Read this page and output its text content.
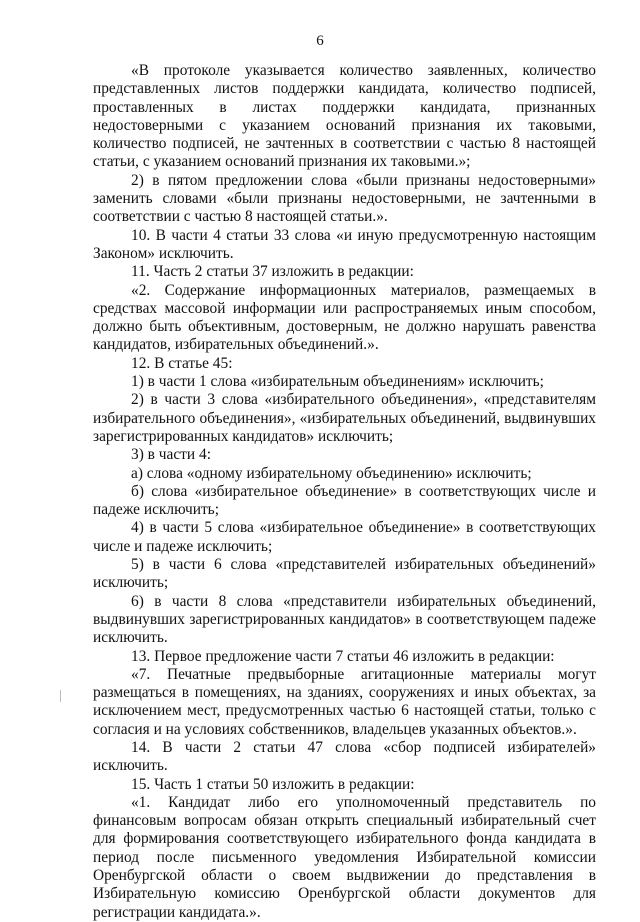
6

«В протоколе указывается количество заявленных, количество представленных листов поддержки кандидата, количество подписей, проставленных в листах поддержки кандидата, признанных недостоверными с указанием оснований признания их таковыми, количество подписей, не зачтенных в соответствии с частью 8 настоящей статьи, с указанием оснований признания их таковыми.»;

2) в пятом предложении слова «были признаны недостоверными» заменить словами «были признаны недостоверными, не зачтенными в соответствии с частью 8 настоящей статьи.».

10. В части 4 статьи 33 слова «и иную предусмотренную настоящим Законом» исключить.

11. Часть 2 статьи 37 изложить в редакции:

«2. Содержание информационных материалов, размещаемых в средствах массовой информации или распространяемых иным способом, должно быть объективным, достоверным, не должно нарушать равенства кандидатов, избирательных объединений.».

12. В статье 45:

1) в части 1 слова «избирательным объединениям» исключить;

2) в части 3 слова «избирательного объединения», «представителям избирательного объединения», «избирательных объединений, выдвинувших зарегистрированных кандидатов» исключить;

3) в части 4:

а) слова «одному избирательному объединению» исключить;

б) слова «избирательное объединение» в соответствующих числе и падеже исключить;

4) в части 5 слова «избирательное объединение» в соответствующих числе и падеже исключить;

5) в части 6 слова «представителей избирательных объединений» исключить;

6) в части 8 слова «представители избирательных объединений, выдвинувших зарегистрированных кандидатов» в соответствующем падеже исключить.

13. Первое предложение части 7 статьи 46 изложить в редакции:

«7. Печатные предвыборные агитационные материалы могут размещаться в помещениях, на зданиях, сооружениях и иных объектах, за исключением мест, предусмотренных частью 6 настоящей статьи, только с согласия и на условиях собственников, владельцев указанных объектов.».

14. В части 2 статьи 47 слова «сбор подписей избирателей» исключить.

15. Часть 1 статьи 50 изложить в редакции:

«1. Кандидат либо его уполномоченный представитель по финансовым вопросам обязан открыть специальный избирательный счет для формирования соответствующего избирательного фонда кандидата в период после письменного уведомления Избирательной комиссии Оренбургской области о своем выдвижении до представления в Избирательную комиссию Оренбургской области документов для регистрации кандидата.».
